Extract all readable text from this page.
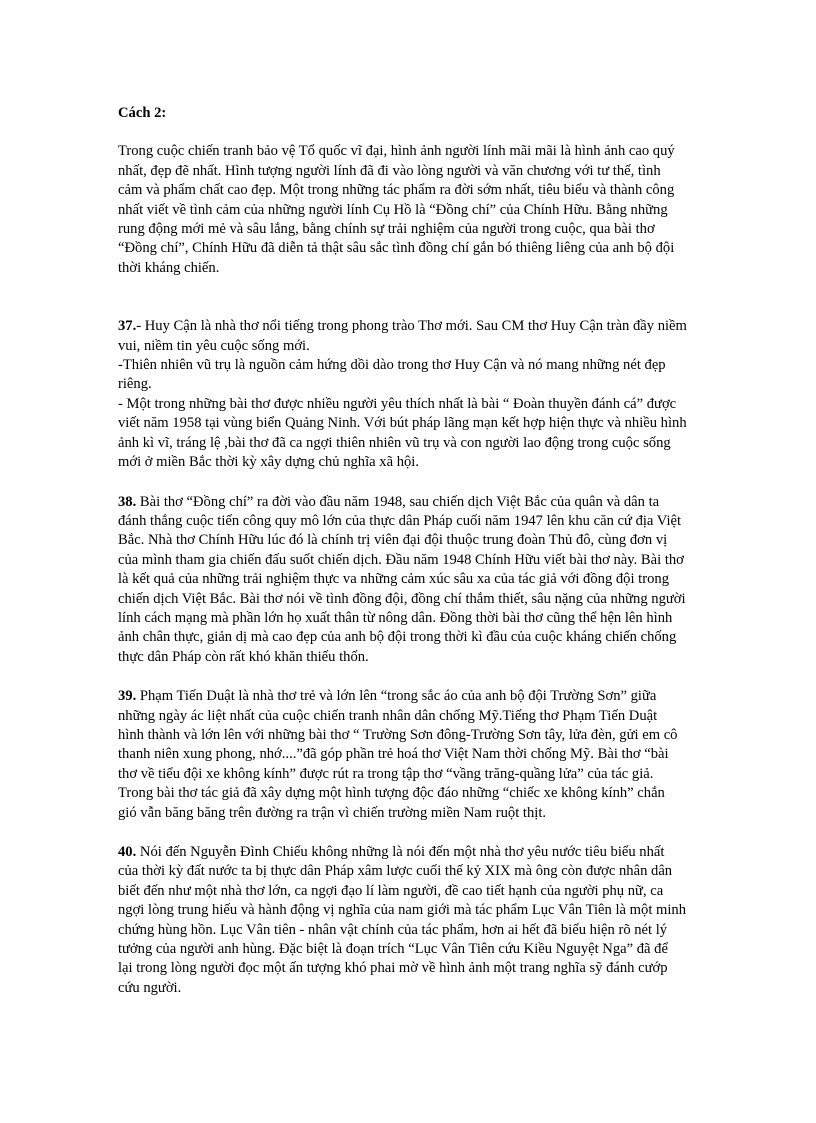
Cách 2:

Trong cuộc chiến tranh bảo vệ Tổ quốc vĩ đại, hình ảnh người lính mãi mãi là hình ảnh cao quý
nhất, đẹp đẽ nhất. Hình tượng người lính đã đi vào lòng người và văn chương với tư thế, tình
cảm và phẩm chất cao đẹp. Một trong những tác phẩm ra đời sớm nhất, tiêu biểu và thành công
nhất viết về tình cảm của những người lính Cụ Hồ là “Đồng chí” của Chính Hữu. Bằng những
rung động mới mẻ và sâu lắng, bằng chính sự trải nghiệm của người trong cuộc, qua bài thơ
“Đồng chí”, Chính Hữu đã diễn tả thật sâu sắc tình đồng chí gắn bó thiêng liêng của anh bộ đội
thời kháng chiến.

37.- Huy Cận là nhà thơ nổi tiếng trong phong trào Thơ mới. Sau CM thơ Huy Cận tràn đầy niềm
vui, niềm tin yêu cuộc sống mới.
-Thiên nhiên vũ trụ là nguồn cảm hứng dồi dào trong thơ Huy Cận và nó mang những nét đẹp
riêng.
- Một trong những bài thơ được nhiều người yêu thích nhất là bài “ Đoàn thuyền đánh cá” được
viết năm 1958 tại vùng biển Quảng Ninh. Với bút pháp lãng mạn kết hợp hiện thực và nhiều hình
ảnh kì vĩ, tráng lệ ,bài thơ đã ca ngợi thiên nhiên vũ trụ và con người lao động trong cuộc sống
mới ở miền Bắc thời kỳ xây dựng chủ nghĩa xã hội.

38. Bài thơ “Đồng chí” ra đời vào đầu năm 1948, sau chiến dịch Việt Bắc của quân và dân ta
đánh thắng cuộc tiến công quy mô lớn của thực dân Pháp cuối năm 1947 lên khu căn cứ địa Việt
Bắc. Nhà thơ Chính Hữu lúc đó là chính trị viên đại đội thuộc trung đoàn Thủ đô, cùng đơn vị
của mình tham gia chiến đấu suốt chiến dịch. Đầu năm 1948 Chính Hữu viết bài thơ này. Bài thơ
là kết quả của những trải nghiệm thực va những cảm xúc sâu xa của tác giả với đồng đội trong
chiến dịch Việt Bắc. Bài thơ nói về tình đồng đội, đồng chí thắm thiết, sâu nặng của những người
lính cách mạng mà phần lớn họ xuất thân từ nông dân. Đồng thời bài thơ cũng thể hện lên hình
ảnh chân thực, giản dị mà cao đẹp của anh bộ đội trong thời kì đầu của cuộc kháng chiến chống
thực dân Pháp còn rất khó khăn thiếu thốn.

39. Phạm Tiến Duật là nhà thơ trẻ và lớn lên “trong sắc áo của anh bộ đội Trường Sơn” giữa
những ngày ác liệt nhất của cuộc chiến tranh nhân dân chống Mỹ.Tiếng thơ Phạm Tiến Duật
hình thành và lớn lên với những bài thơ “ Trường Sơn đông-Trường Sơn tây, lửa đèn, gửi em cô
thanh niên xung phong, nhớ....”đã góp phần trẻ hoá thơ Việt Nam thời chống Mỹ. Bài thơ “bài
thơ về tiểu đội xe không kính” được rút ra trong tập thơ “vầng trăng-quầng lửa” của tác giả.
Trong bài thơ tác giả đã xây dựng một hình tượng độc đáo những “chiếc xe không kính” chắn
gió vẫn băng băng trên đường ra trận vì chiến trường miền Nam ruột thịt.

40. Nói đến Nguyễn Đình Chiểu không những là nói đến một nhà thơ yêu nước tiêu biểu nhất
của thời kỳ đất nước ta bị thực dân Pháp xâm lược cuối thế kỷ XIX mà ông còn được nhân dân
biết đến như một nhà thơ lớn, ca ngợi đạo lí làm người, đề cao tiết hạnh của người phụ nữ, ca
ngợi lòng trung hiếu và hành động vị nghĩa của nam giới mà tác phẩm Lục Vân Tiên là một minh
chứng hùng hồn. Lục Vân tiên - nhân vật chính của tác phẩm, hơn ai hết đã biểu hiện rõ nét lý
tưởng của người anh hùng. Đặc biệt là đoạn trích “Lục Vân Tiên cứu Kiều Nguyệt Nga” đã để
lại trong lòng người đọc một ấn tượng khó phai mờ về hình ảnh một trang nghĩa sỹ đánh cướp
cứu người.
